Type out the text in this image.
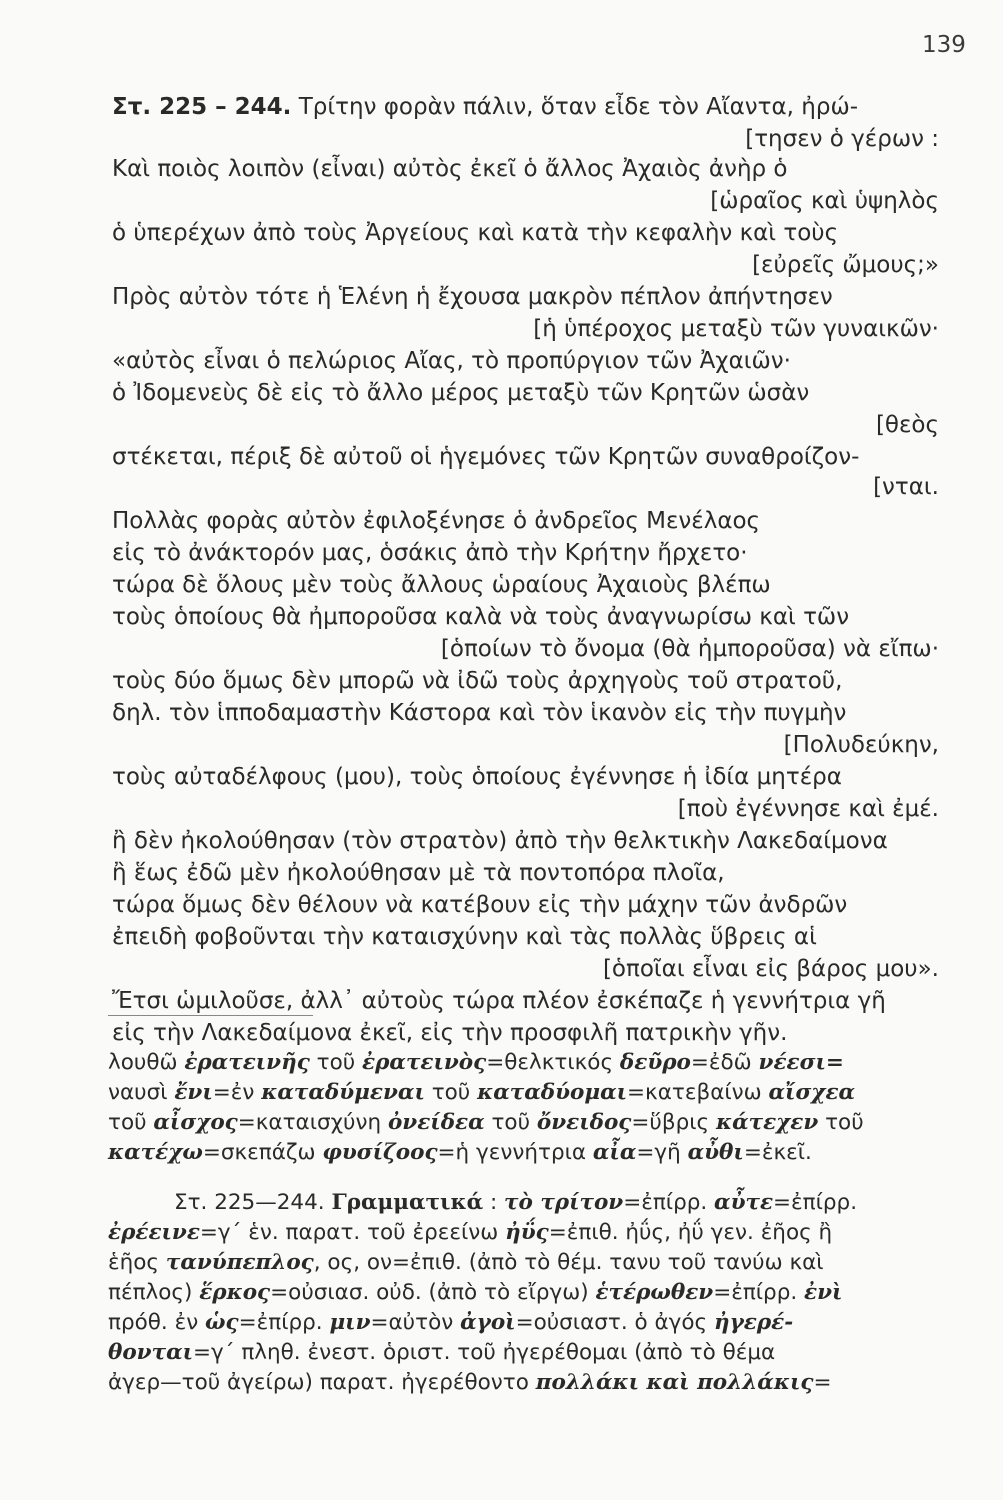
139
Στ. 225 – 244. Τρίτην φορὰν πάλιν, ὅταν εἶδε τὸν Αἴαντα, ἠρώ-
[τησεν ὁ γέρων :
Καὶ ποιὸς λοιπὸν (εἶναι) αὐτὸς ἐκεῖ ὁ ἄλλος Ἀχαιὸς ἀνὴρ ὁ
[ὡραῖος καὶ ὑψηλὸς
ὁ ὑπερέχων ἀπὸ τοὺς Ἀργείους καὶ κατὰ τὴν κεφαλὴν καὶ τοὺς
[εὐρεῖς ὤμους;»
Πρὸς αὐτὸν τότε ἡ Ἑλένη ἡ ἔχουσα μακρὸν πέπλον ἀπήντησεν
[ἡ ὑπέροχος μεταξὺ τῶν γυναικῶν·
«αὐτὸς εἶναι ὁ πελώριος Αἴας, τὸ προπύργιον τῶν Ἀχαιῶν·
ὁ Ἰδομενεὺς δὲ εἰς τὸ ἄλλο μέρος μεταξὺ τῶν Κρητῶν ὡσὰν
[θεὸς
στέκεται, πέριξ δὲ αὐτοῦ οἱ ἡγεμόνες τῶν Κρητῶν συναθροίζον-
[νται.
Πολλὰς φορὰς αὐτὸν ἐφιλοξένησε ὁ ἀνδρεῖος Μενέλαος
εἰς τὸ ἀνάκτορόν μας, ὁσάκις ἀπὸ τὴν Κρήτην ἤρχετο·
τώρα δὲ ὅλους μὲν τοὺς ἄλλους ὡραίους Ἀχαιοὺς βλέπω
τοὺς ὁποίους θὰ ἠμποροῦσα καλὰ νὰ τοὺς ἀναγνωρίσω καὶ τῶν
[ὁποίων τὸ ὄνομα (θὰ ἠμποροῦσα) νὰ εἴπω·
τοὺς δύο ὅμως δὲν μπορῶ νὰ ἰδῶ τοὺς ἀρχηγοὺς τοῦ στρατοῦ,
δηλ. τὸν ἱπποδαμαστὴν Κάστορα καὶ τὸν ἱκανὸν εἰς τὴν πυγμὴν
[Πολυδεύκην,
τοὺς αὐταδέλφους (μου), τοὺς ὁποίους ἐγέννησε ἡ ἰδία μητέρα
[ποὺ ἐγέννησε καὶ ἐμέ.
ἢ δὲν ἠκολούθησαν (τὸν στρατὸν) ἀπὸ τὴν θελκτικὴν Λακεδαίμονα
ἢ ἕως ἐδῶ μὲν ἠκολούθησαν μὲ τὰ ποντοπόρα πλοῖα,
τώρα ὅμως δὲν θέλουν νὰ κατέβουν εἰς τὴν μάχην τῶν ἀνδρῶν
ἐπειδὴ φοβοῦνται τὴν καταισχύνην καὶ τὰς πολλὰς ὕβρεις αἱ
[ὁποῖαι εἶναι εἰς βάρος μου».
Ἔτσι ὡμιλοῦσε, ἀλλ᾽ αὐτοὺς τώρα πλέον ἐσκέπαζε ἡ γεννήτρια γῆ
εἰς τὴν Λακεδαίμονα ἐκεῖ, εἰς τὴν προσφιλῆ πατρικὴν γῆν.
λουθῶ ἐρατεινῆς τοῦ ἐρατεινὸς=θελκτικός δεῦρο=ἐδῶ νέεσι=
ναυσὶ ἔνι=ἐν καταδύμεναι τοῦ καταδύομαι=κατεβαίνω αἴσχεα
τοῦ αἶσχος=καταισχύνη ὀνείδεα τοῦ ὄνειδος=ὕβρις κάτεχεν τοῦ
κατέχω=σκεπάζω φυσίζοος=ἡ γεννήτρια αἶα=γῆ αὖθι=ἐκεῖ.
Στ. 225—244. Γραμματικά : τὸ τρίτον=ἐπίρρ. αὖτε=ἐπίρρ.
ἐρέεινε=γ´ ἑν. παρατ. τοῦ ἐρεείνω ἠΰς=ἐπιθ. ἠΰς, ἠΰ γεν. ἐῆος ἢ
ἑῆος τανύπεπλος, ος, ον=ἐπιθ. (ἀπὸ τὸ θέμ. τανυ τοῦ τανύω καὶ
πέπλος) ἕρκος=οὐσιασ. οὐδ. (ἀπὸ τὸ εἴργω) ἑτέρωθεν=ἐπίρρ. ἐνὶ
πρόθ. ἐν ὡς=ἐπίρρ. μιν=αὐτὸν ἀγοὶ=οὐσιαστ. ὁ ἀγός ἠγερέ-
θονται=γ´ πληθ. ἐνεστ. ὁριστ. τοῦ ἠγερέθομαι (ἀπὸ τὸ θέμα
ἀγερ—τοῦ ἀγείρω) παρατ. ἠγερέθοντο πολλάκι καὶ πολλάκις=
